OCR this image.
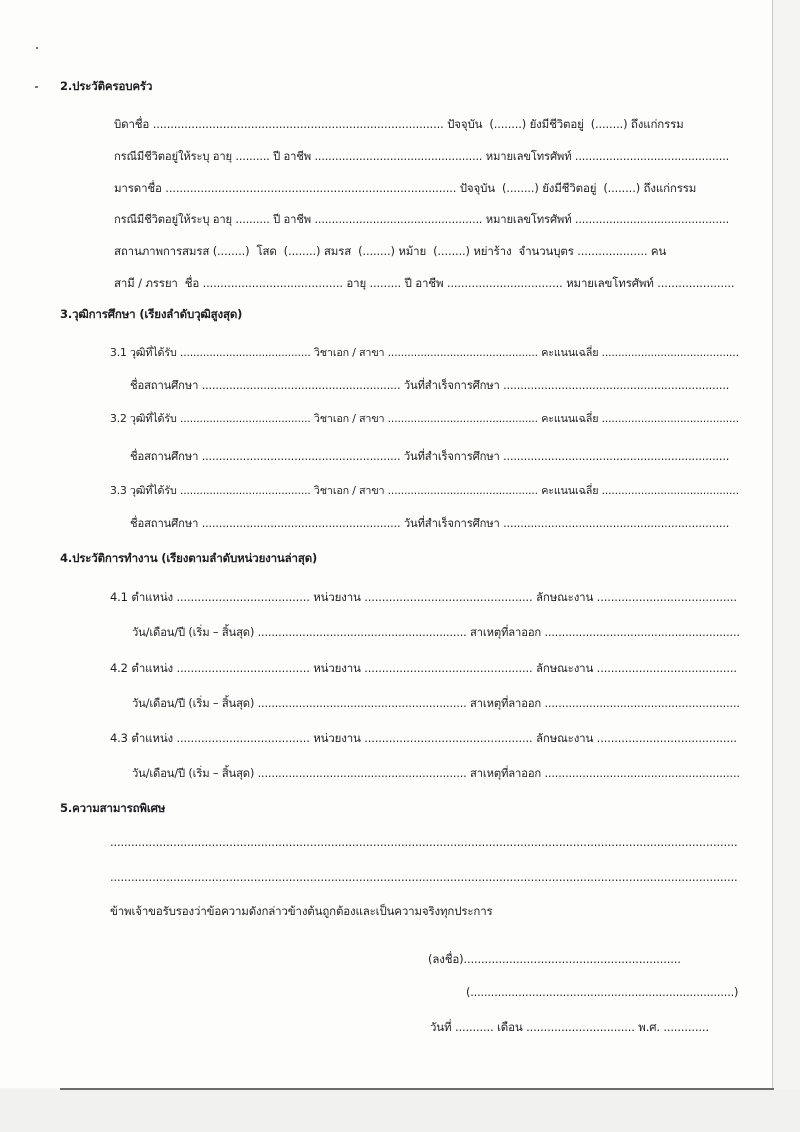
2.ประวัติครอบครัว
บิดาชื่อ ................................................................................... ปัจจุบัน  (........) ยังมีชีวิตอยู่  (........) ถึงแก่กรรม
กรณีมีชีวิตอยู่ให้ระบุ อายุ .......... ปี อาชีพ ................................................. หมายเลขโทรศัพท์ .............................................
มารดาชื่อ ................................................................................... ปัจจุบัน  (........) ยังมีชีวิตอยู่  (........) ถึงแก่กรรม
กรณีมีชีวิตอยู่ให้ระบุ อายุ .......... ปี อาชีพ ................................................. หมายเลขโทรศัพท์ .............................................
สถานภาพการสมรส (........)  โสด  (........) สมรส  (........) หม้าย  (........) หย่าร้าง  จำนวนบุตร .................... คน
สามี / ภรรยา  ชื่อ ........................................ อายุ ......... ปี อาชีพ ................................. หมายเลขโทรศัพท์ ......................
3.วุฒิการศึกษา (เรียงลำดับวุฒิสูงสุด)
3.1 วุฒิที่ได้รับ ........................................ วิชาเอก / สาขา .............................................. คะแนนเฉลี่ย ..........................................
ชื่อสถานศึกษา .......................................................... วันที่สำเร็จการศึกษา ..................................................................
3.2 วุฒิที่ได้รับ ........................................ วิชาเอก / สาขา .............................................. คะแนนเฉลี่ย ..........................................
ชื่อสถานศึกษา .......................................................... วันที่สำเร็จการศึกษา ..................................................................
3.3 วุฒิที่ได้รับ ........................................ วิชาเอก / สาขา .............................................. คะแนนเฉลี่ย ..........................................
ชื่อสถานศึกษา .......................................................... วันที่สำเร็จการศึกษา ..................................................................
4.ประวัติการทำงาน (เรียงตามลำดับหน่วยงานล่าสุด)
4.1 ตำแหน่ง ...................................... หน่วยงาน ................................................ ลักษณะงาน ........................................
วัน/เดือน/ปี (เริ่ม – สิ้นสุด) ............................................................. สาเหตุที่ลาออก .........................................................
4.2 ตำแหน่ง ...................................... หน่วยงาน ................................................ ลักษณะงาน ........................................
วัน/เดือน/ปี (เริ่ม – สิ้นสุด) ............................................................. สาเหตุที่ลาออก .........................................................
4.3 ตำแหน่ง ...................................... หน่วยงาน ................................................ ลักษณะงาน ........................................
วัน/เดือน/ปี (เริ่ม – สิ้นสุด) ............................................................. สาเหตุที่ลาออก .........................................................
5.ความสามารถพิเศษ
...................................................................................................................................................................................
...................................................................................................................................................................................
ข้าพเจ้าขอรับรองว่าข้อความดังกล่าวข้างต้นถูกต้องและเป็นความจริงทุกประการ
(ลงชื่อ)..............................................................
(.............................................................................)
วันที่ ........... เดือน ............................... พ.ศ. .............
